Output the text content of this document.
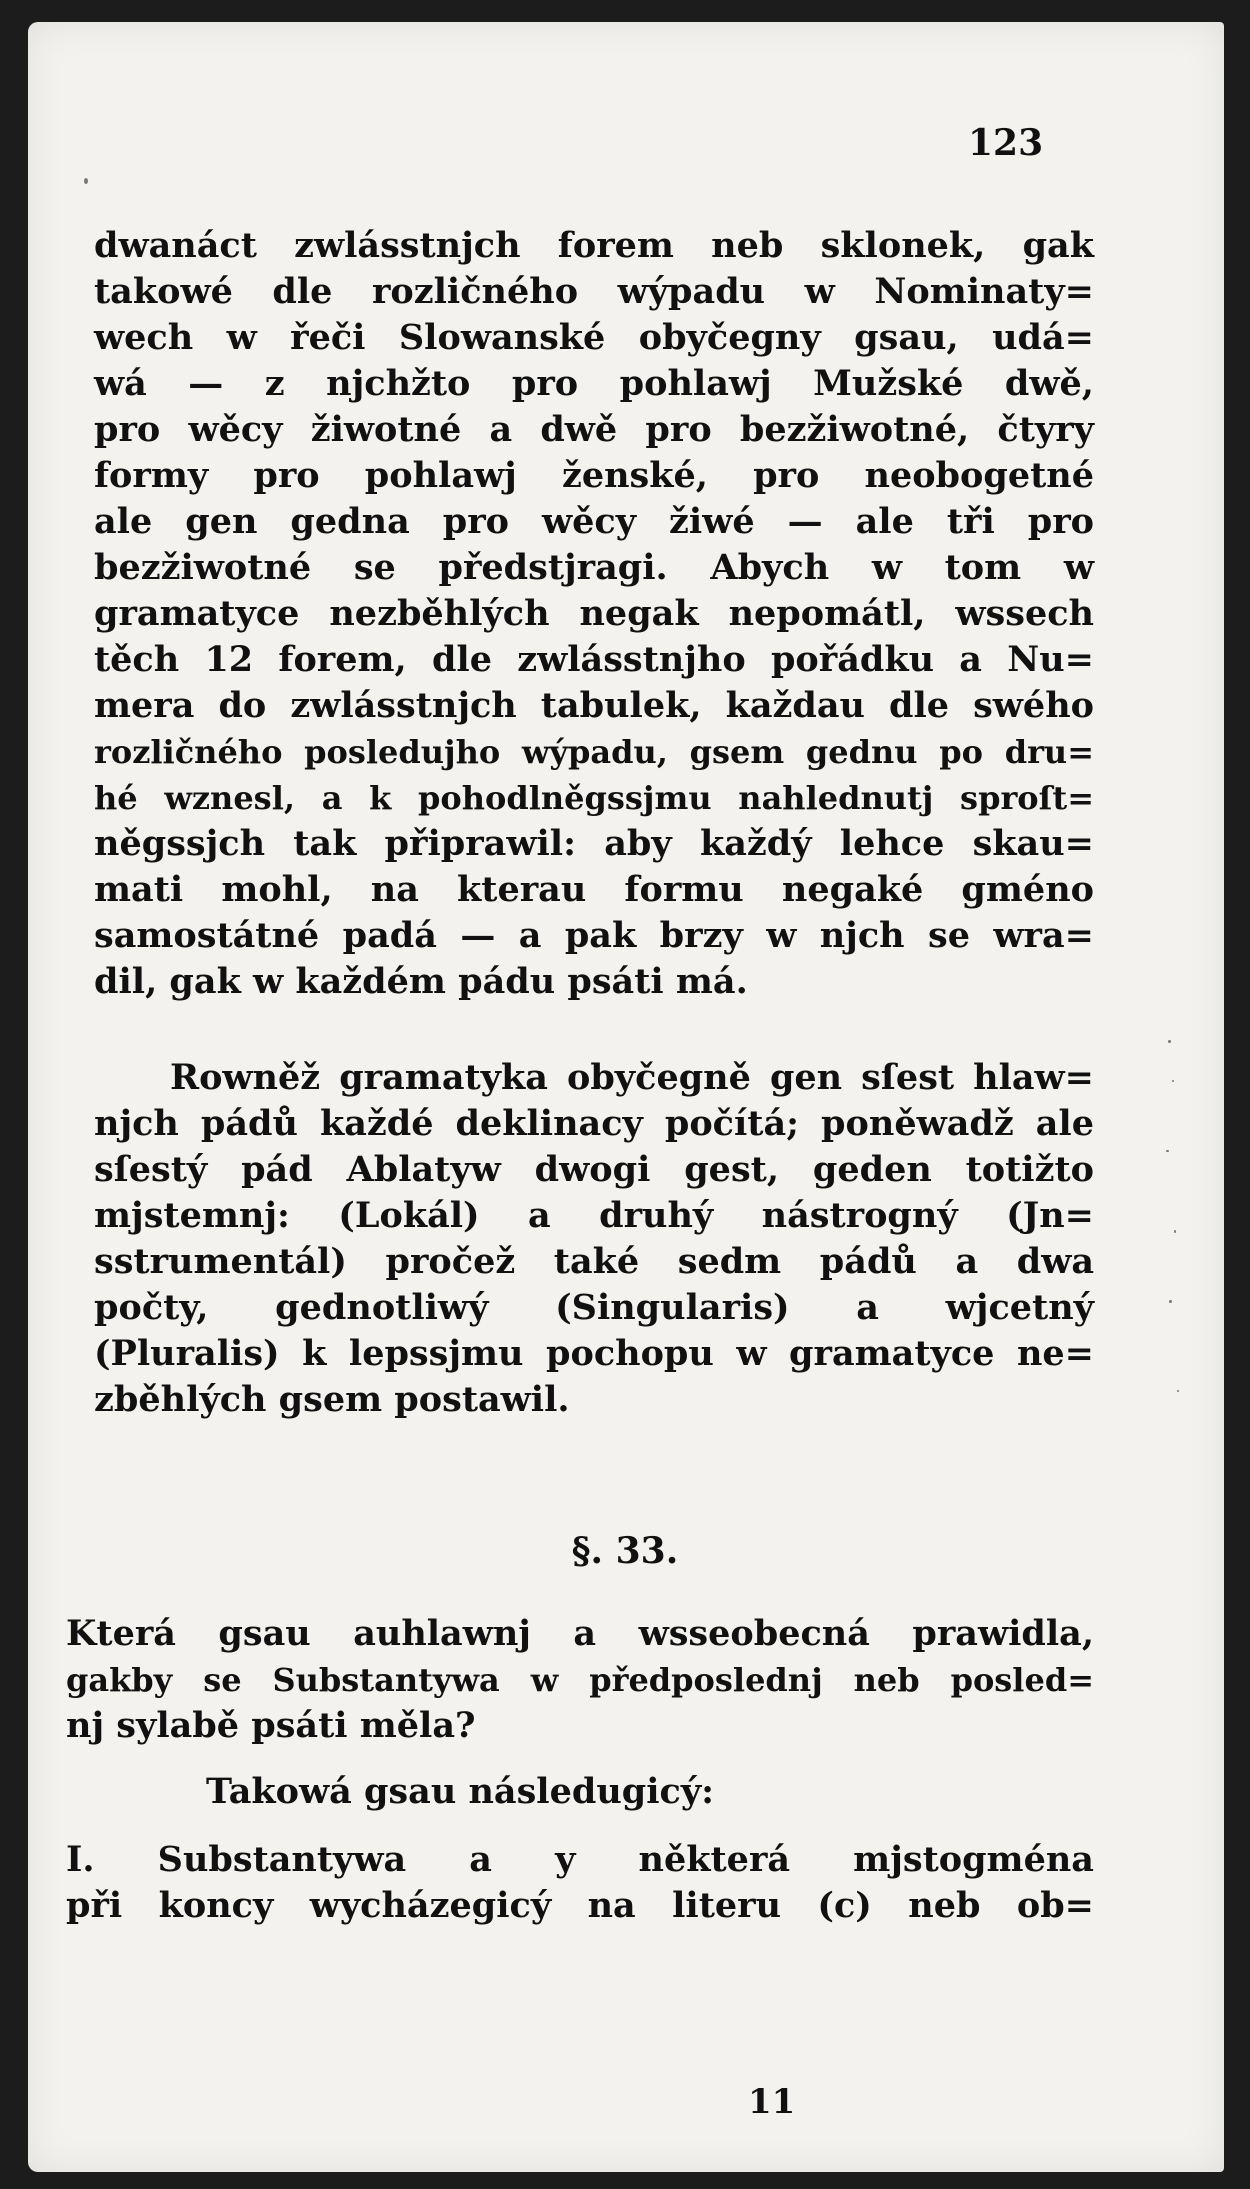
123

dwanáct zwlásstnjch forem neb sklonek, gak

takowé dle rozličného wýpadu w Nominaty=

wech w řeči Slowanské obyčegny gsau, udá=

wá — z njchžto pro pohlawj Mužské dwě,

pro wěcy žiwotné a dwě pro bezžiwotné, čtyry

formy pro pohlawj ženské, pro neobogetné

ale gen gedna pro wěcy žiwé — ale tři pro

bezžiwotné se předstjragi. Abych w tom w

gramatyce nezběhlých negak nepomátl, wssech

těch 12 forem, dle zwlásstnjho pořádku a Nu=

mera do zwlásstnjch tabulek, každau dle swého

rozličného posledujho wýpadu, gsem gednu po dru=

hé wznesl, a k pohodlněgssjmu nahlednutj sproſt=

něgssjch tak připrawil: aby každý lehce skau=

mati mohl, na kterau formu negaké gméno

samostátné padá — a pak brzy w njch se wra=

dil, gak w každém pádu psáti má.

Rowněž gramatyka obyčegně gen sſest hlaw=

njch pádů každé deklinacy počítá; poněwadž ale

sſestý pád Ablatyw dwogi gest, geden totižto

mjstemnj: (Lokál) a druhý nástrogný (Jn=

sstrumentál) pročež také sedm pádů a dwa

počty, gednotliwý (Singularis) a wjcetný

(Pluralis) k lepssjmu pochopu w gramatyce ne=

zběhlých gsem postawil.

§. 33.

Která gsau auhlawnj a wsseobecná prawidla,

gakby se Substantywa w předposlednj neb posled=

nj sylabě psáti měla?

Takowá gsau následugicý:

I. Substantywa a y některá mjstogména

při koncy wycházegicý na literu (c) neb ob=

11
